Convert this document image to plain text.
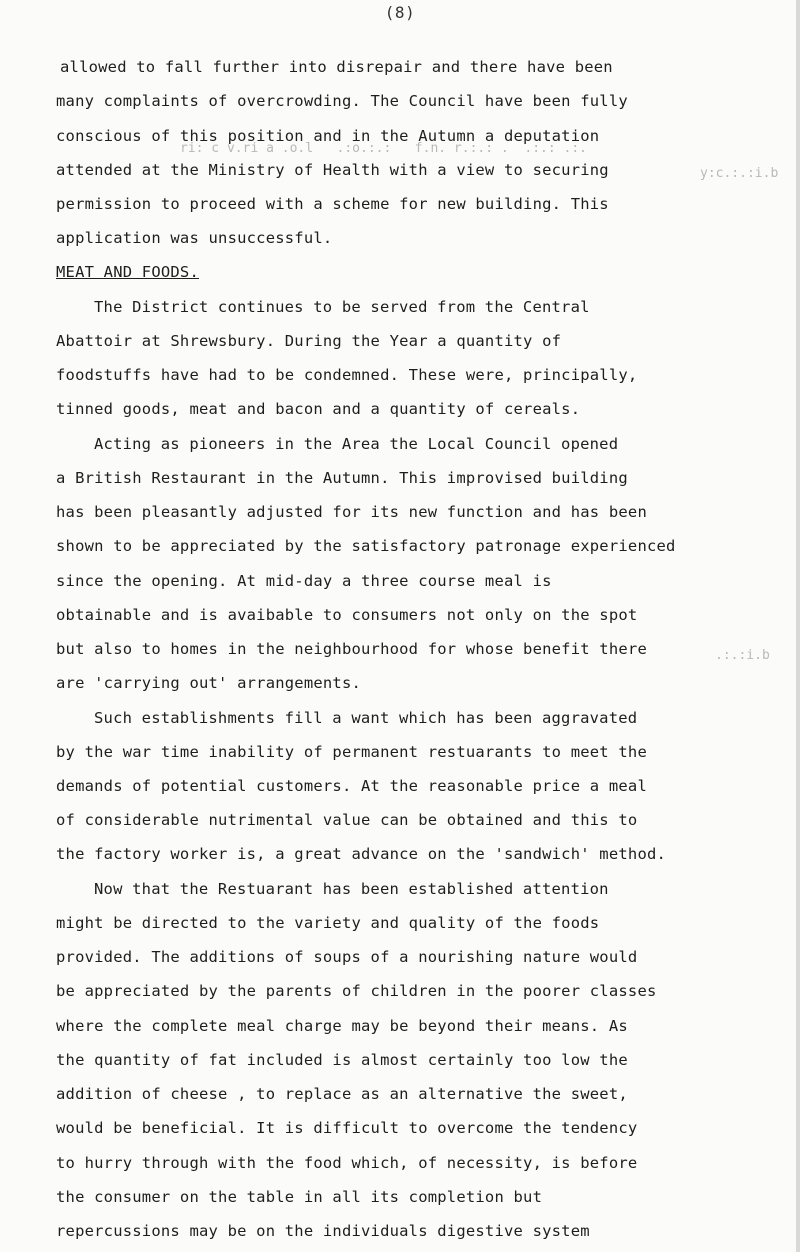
(8)
ri: c v.ri a .o.l   .:o.:.:   f.n. r.:.: .  .:.: .:.
y:c.:.:i.b
.:.:i.b
allowed to fall further into disrepair and there have been
many complaints of overcrowding. The Council have been fully
conscious of this position and in the Autumn a deputation
attended at the Ministry of Health with a view to securing
permission to proceed with a scheme for new building. This
application was unsuccessful.
MEAT AND FOODS.
The District continues to be served from the Central
Abattoir at Shrewsbury. During the Year a quantity of
foodstuffs have had to be condemned. These were, principally,
tinned goods, meat and bacon and a quantity of cereals.
Acting as pioneers in the Area the Local Council opened
a British Restaurant in the Autumn. This improvised building
has been pleasantly adjusted for its new function and has been
shown to be appreciated by the satisfactory patronage experienced
since the opening. At mid-day a three course meal is
obtainable and is avaibable to consumers not only on the spot
but also to homes in the neighbourhood for whose benefit there
are 'carrying out' arrangements.
Such establishments fill a want which has been aggravated
by the war time inability of permanent restuarants to meet the
demands of potential customers. At the reasonable price a meal
of considerable nutrimental value can be obtained and this to
the factory worker is, a great advance on the 'sandwich' method.
Now that the Restuarant has been established attention
might be directed to the variety and quality of the foods
provided. The additions of soups of a nourishing nature would
be appreciated by the parents of children in the poorer classes
where the complete meal charge may be beyond their means. As
the quantity of fat included is almost certainly too low the
addition of cheese , to replace as an alternative the sweet,
would be beneficial. It is difficult to overcome the tendency
to hurry through with the food which, of necessity, is before
the consumer on the table in all its completion but
repercussions may be on the individuals digestive system
